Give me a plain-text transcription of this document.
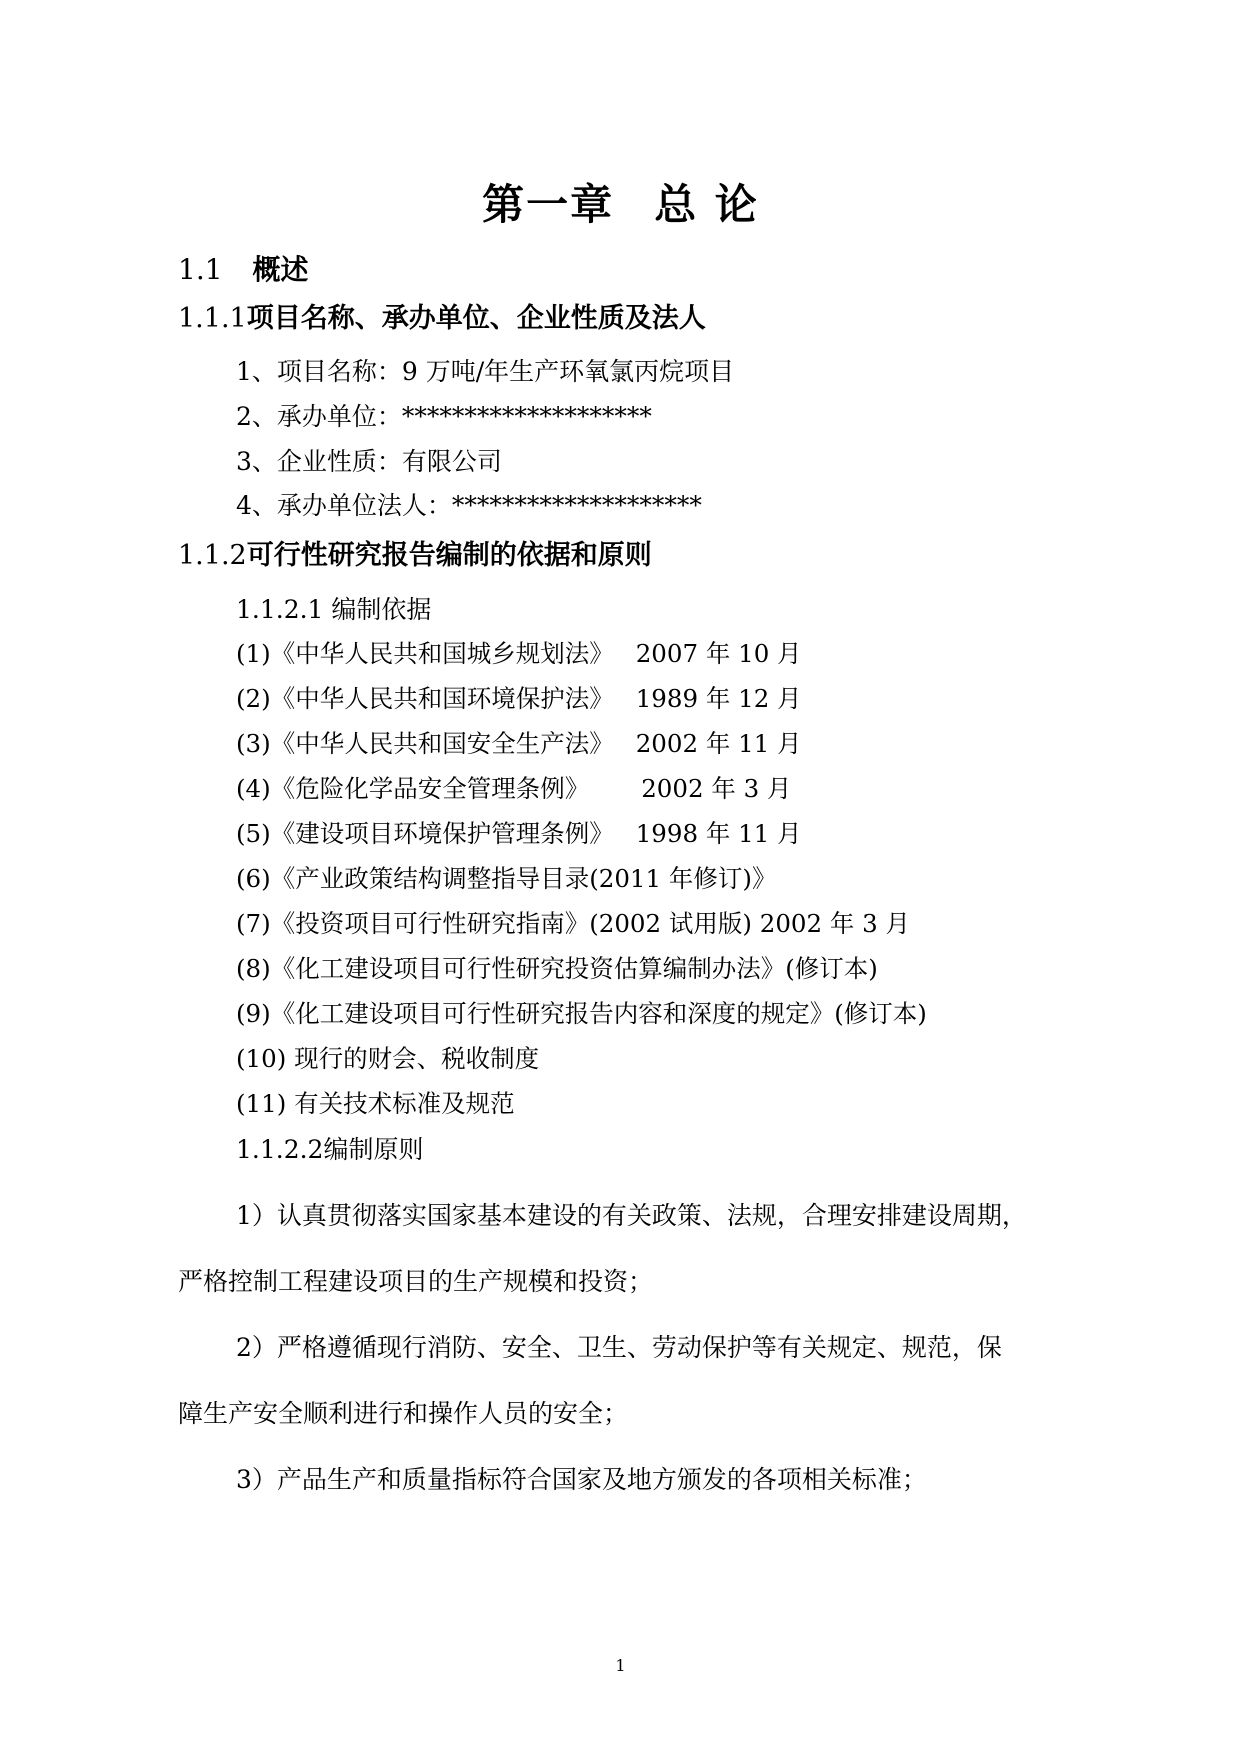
第一章 总 论
1.1 概述
1.1.1项目名称、承办单位、企业性质及法人
1、项目名称：9 万吨/年生产环氧氯丙烷项目
2、承办单位：********************
3、企业性质：有限公司
4、承办单位法人：********************
1.1.2可行性研究报告编制的依据和原则
1.1.2.1 编制依据
(1)《中华人民共和国城乡规划法》 2007 年 10 月
(2)《中华人民共和国环境保护法》 1989 年 12 月
(3)《中华人民共和国安全生产法》 2002 年 11 月
(4)《危险化学品安全管理条例》 2002 年 3 月
(5)《建设项目环境保护管理条例》 1998 年 11 月
(6)《产业政策结构调整指导目录(2011 年修订)》
(7)《投资项目可行性研究指南》(2002 试用版) 2002 年 3 月
(8)《化工建设项目可行性研究投资估算编制办法》(修订本)
(9)《化工建设项目可行性研究报告内容和深度的规定》(修订本)
(10) 现行的财会、税收制度
(11) 有关技术标准及规范
1.1.2.2编制原则
1）认真贯彻落实国家基本建设的有关政策、法规，合理安排建设周期，
严格控制工程建设项目的生产规模和投资；
2）严格遵循现行消防、安全、卫生、劳动保护等有关规定、规范，保
障生产安全顺利进行和操作人员的安全；
3）产品生产和质量指标符合国家及地方颁发的各项相关标准；
1
